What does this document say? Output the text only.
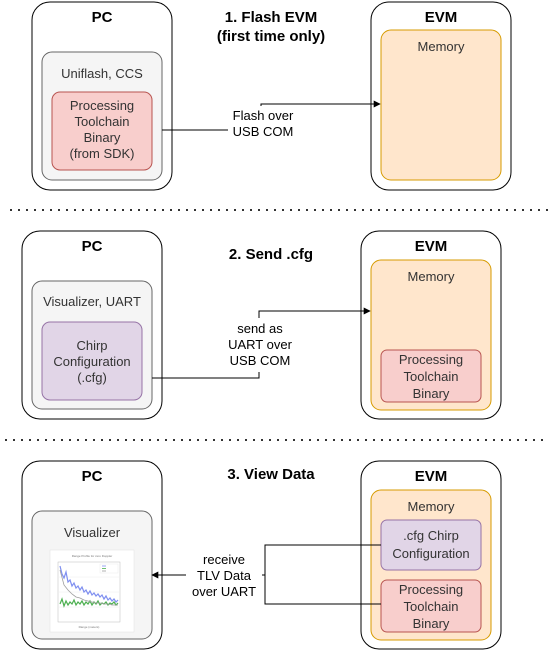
PC
Uniflash, CCS
Processing
Toolchain
Binary
(from SDK)
1. Flash EVM
(first time only)
EVM
Memory
Flash over
USB COM
PC
Visualizer, UART
Chirp
Configuration
(.cfg)
2. Send .cfg	EVM
Memory
Processing
Toolchain
Binary
send as
UART over
USB COM
PC
Visualizer
Range Profile for zero Doppler
Range (meters)
3. View Data	EVM
Memory
.cfg Chirp
Configuration
Processing
Toolchain
Binary
receive
TLV Data
over UART
